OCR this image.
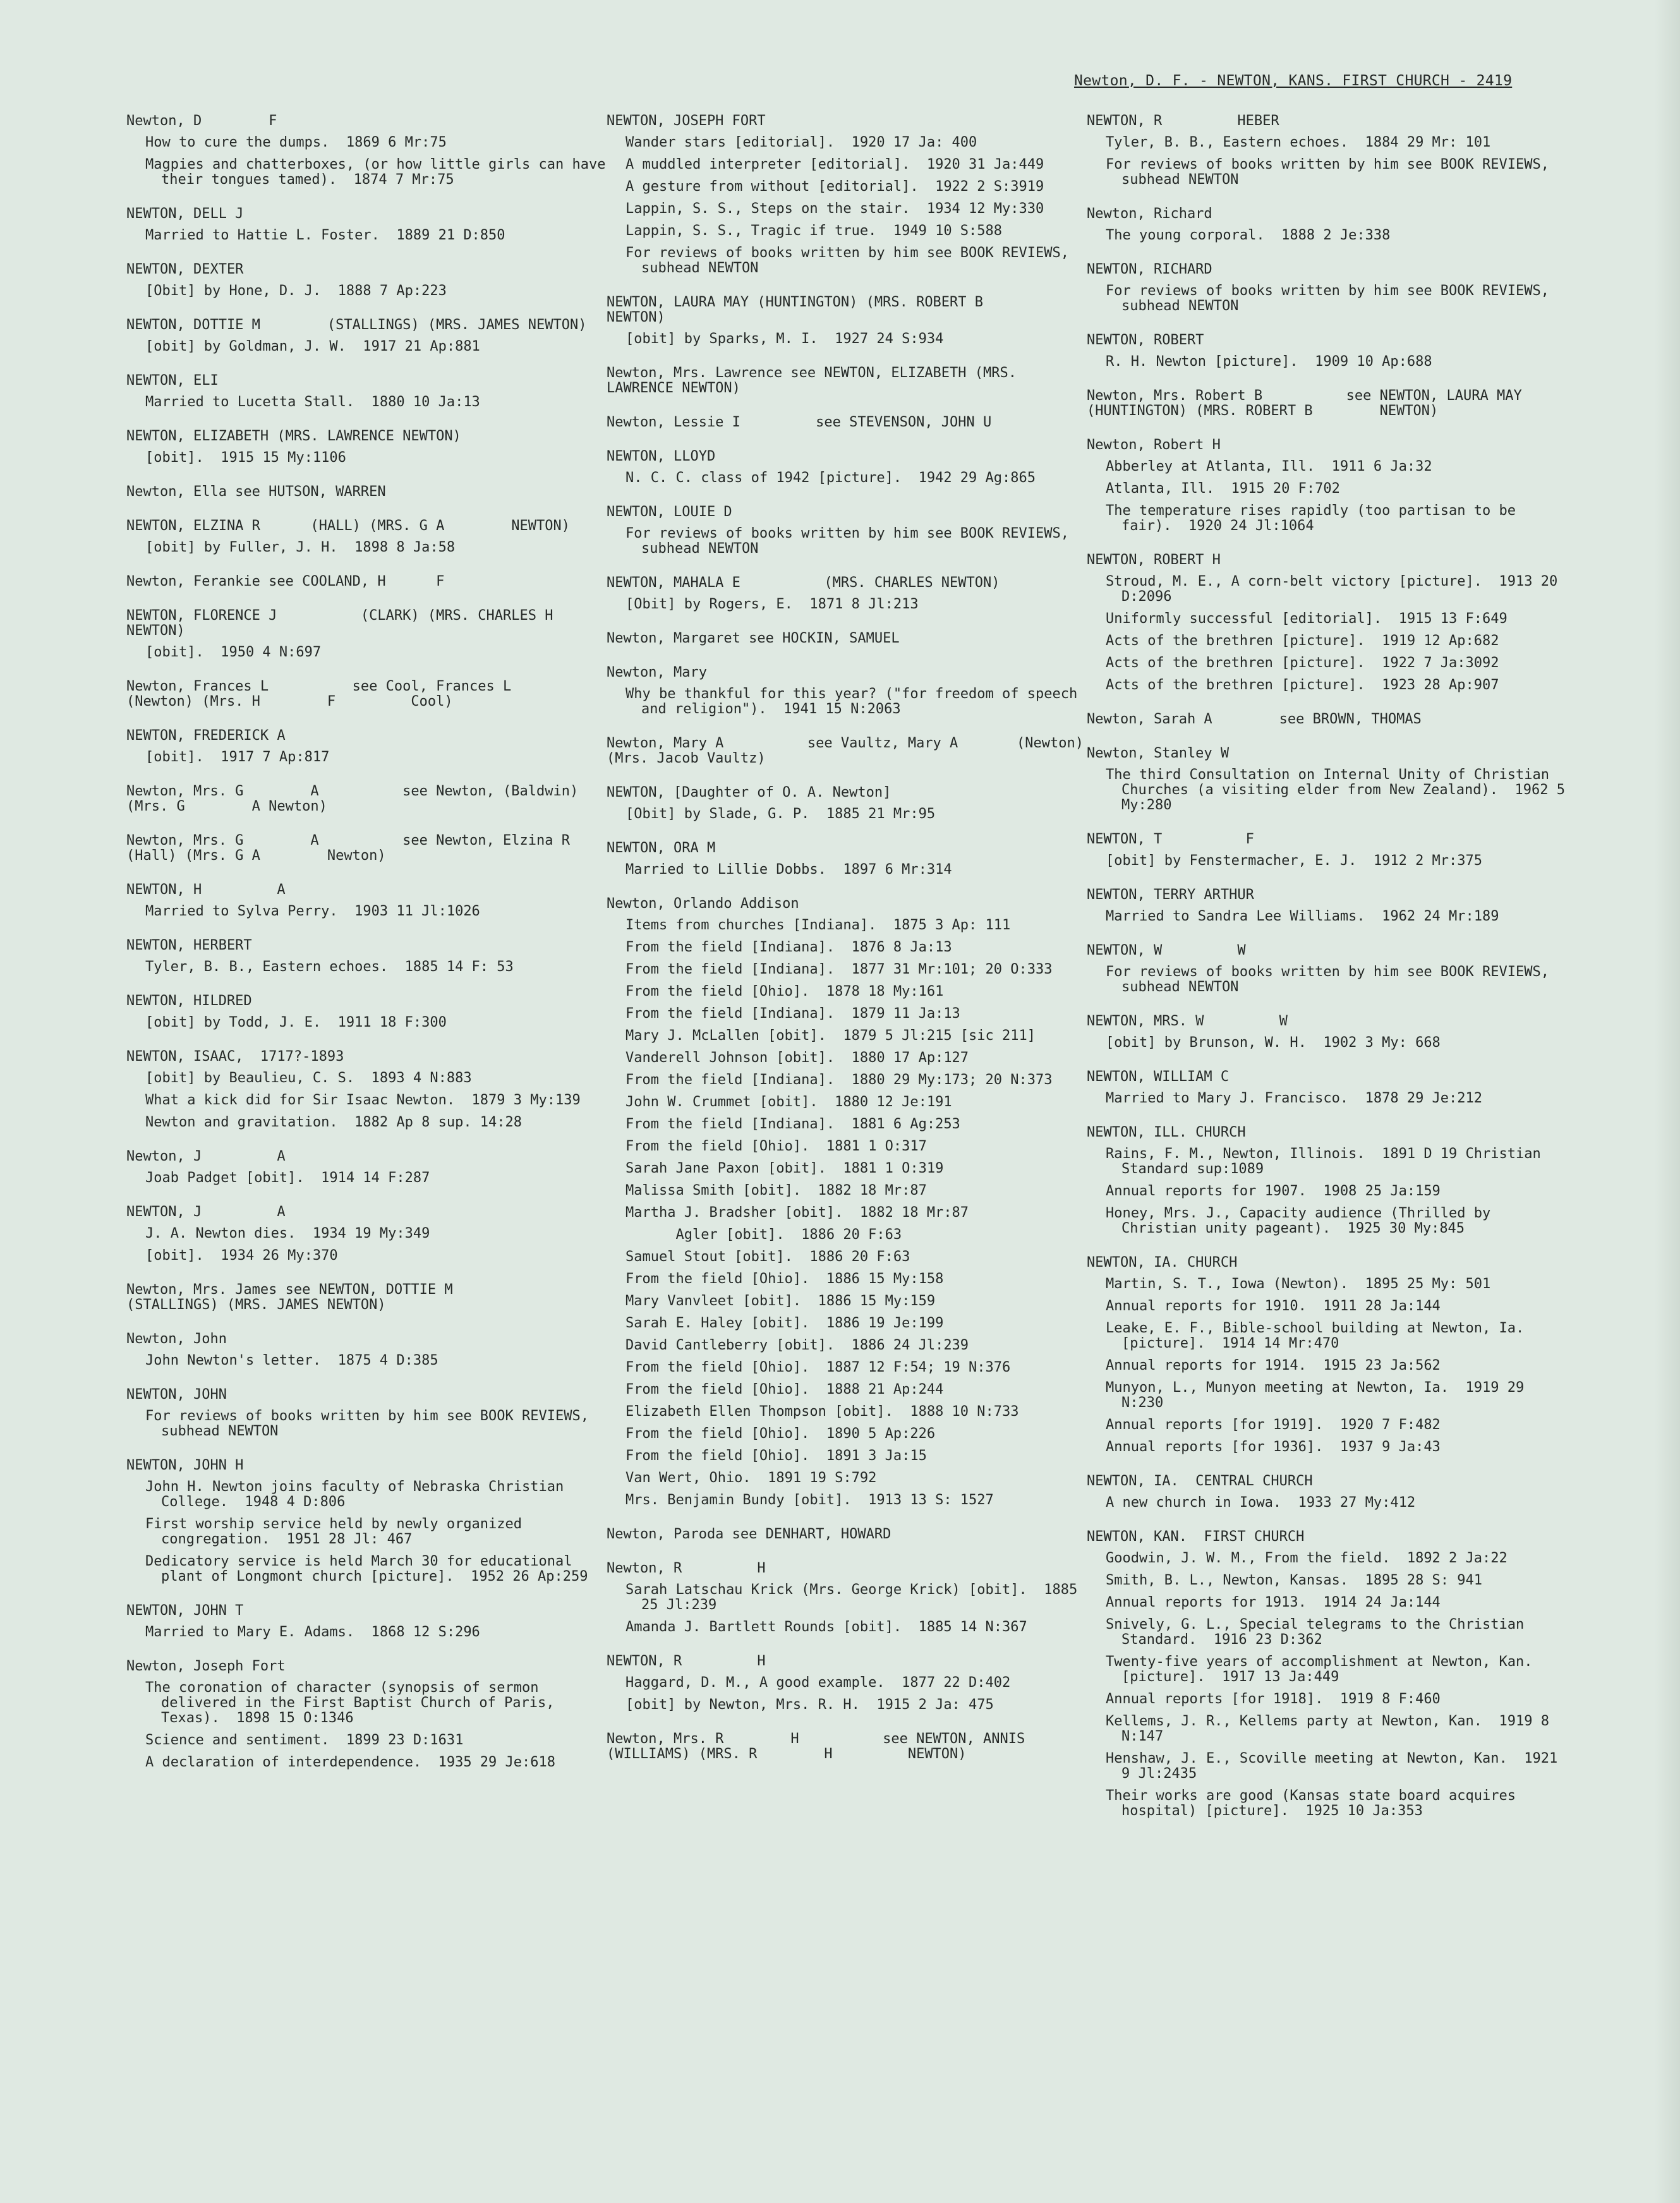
Newton, D. F. - NEWTON, KANS. FIRST CHURCH - 2419
Newton, D        F
How to cure the dumps.  1869 6 Mr:75
Magpies and chatterboxes, (or how little girls can have their tongues tamed).  1874 7 Mr:75
NEWTON, DELL J
Married to Hattie L. Foster.  1889 21 D:850
NEWTON, DEXTER
[Obit] by Hone, D. J.  1888 7 Ap:223
NEWTON, DOTTIE M        (STALLINGS) (MRS. JAMES NEWTON)
[obit] by Goldman, J. W.  1917 21 Ap:881
NEWTON, ELI
Married to Lucetta Stall.  1880 10 Ja:13
NEWTON, ELIZABETH (MRS. LAWRENCE NEWTON)
[obit].  1915 15 My:1106
Newton, Ella see HUTSON, WARREN
NEWTON, ELZINA R      (HALL) (MRS. G A        NEWTON)
[obit] by Fuller, J. H.  1898 8 Ja:58
Newton, Ferankie see COOLAND, H      F
NEWTON, FLORENCE J          (CLARK) (MRS. CHARLES H          NEWTON)
[obit].  1950 4 N:697
Newton, Frances L          see Cool, Frances L       (Newton) (Mrs. H        F         Cool)
NEWTON, FREDERICK A
[obit].  1917 7 Ap:817
Newton, Mrs. G        A          see Newton, (Baldwin) (Mrs. G        A Newton)
Newton, Mrs. G        A          see Newton, Elzina R        (Hall) (Mrs. G A        Newton)
NEWTON, H         A
Married to Sylva Perry.  1903 11 Jl:1026
NEWTON, HERBERT
Tyler, B. B., Eastern echoes.  1885 14 F: 53
NEWTON, HILDRED
[obit] by Todd, J. E.  1911 18 F:300
NEWTON, ISAAC,  1717?-1893
[obit] by Beaulieu, C. S.  1893 4 N:883
What a kick did for Sir Isaac Newton.  1879 3 My:139
Newton and gravitation.  1882 Ap 8 sup. 14:28
Newton, J         A
Joab Padget [obit].  1914 14 F:287
NEWTON, J         A
J. A. Newton dies.  1934 19 My:349
[obit].  1934 26 My:370
Newton, Mrs. James see NEWTON, DOTTIE M        (STALLINGS) (MRS. JAMES NEWTON)
Newton, John
John Newton's letter.  1875 4 D:385
NEWTON, JOHN
For reviews of books written by him see BOOK REVIEWS, subhead NEWTON
NEWTON, JOHN H
John H. Newton joins faculty of Nebraska Christian College.  1948 4 D:806
First worship service held by newly organized congregation.  1951 28 Jl: 467
Dedicatory service is held March 30 for educational plant of Longmont church [picture].  1952 26 Ap:259
NEWTON, JOHN T
Married to Mary E. Adams.  1868 12 S:296
Newton, Joseph Fort
The coronation of character (synopsis of sermon delivered in the First Baptist Church of Paris, Texas).  1898 15 O:1346
Science and sentiment.  1899 23 D:1631
A declaration of interdependence.  1935 29 Je:618
NEWTON, JOSEPH FORT
Wander stars [editorial].  1920 17 Ja: 400
A muddled interpreter [editorial].  1920 31 Ja:449
A gesture from without [editorial].  1922 2 S:3919
Lappin, S. S., Steps on the stair.  1934 12 My:330
Lappin, S. S., Tragic if true.  1949 10 S:588
For reviews of books written by him see BOOK REVIEWS, subhead NEWTON
NEWTON, LAURA MAY (HUNTINGTON) (MRS. ROBERT B        NEWTON)
[obit] by Sparks, M. I.  1927 24 S:934
Newton, Mrs. Lawrence see NEWTON, ELIZABETH (MRS. LAWRENCE NEWTON)
Newton, Lessie I         see STEVENSON, JOHN U
NEWTON, LLOYD
N. C. C. class of 1942 [picture].  1942 29 Ag:865
NEWTON, LOUIE D
For reviews of books written by him see BOOK REVIEWS, subhead NEWTON
NEWTON, MAHALA E          (MRS. CHARLES NEWTON)
[Obit] by Rogers, E.  1871 8 Jl:213
Newton, Margaret see HOCKIN, SAMUEL
Newton, Mary
Why be thankful for this year? ("for freedom of speech and religion").  1941 15 N:2063
Newton, Mary A          see Vaultz, Mary A       (Newton) (Mrs. Jacob Vaultz)
NEWTON, [Daughter of O. A. Newton]
[Obit] by Slade, G. P.  1885 21 Mr:95
NEWTON, ORA M
Married to Lillie Dobbs.  1897 6 Mr:314
Newton, Orlando Addison
Items from churches [Indiana].  1875 3 Ap: 111
From the field [Indiana].  1876 8 Ja:13
From the field [Indiana].  1877 31 Mr:101; 20 O:333
From the field [Ohio].  1878 18 My:161
From the field [Indiana].  1879 11 Ja:13
Mary J. McLallen [obit].  1879 5 Jl:215 [sic 211]
Vanderell Johnson [obit].  1880 17 Ap:127
From the field [Indiana].  1880 29 My:173; 20 N:373
John W. Crummet [obit].  1880 12 Je:191
From the field [Indiana].  1881 6 Ag:253
From the field [Ohio].  1881 1 O:317
Sarah Jane Paxon [obit].  1881 1 O:319
Malissa Smith [obit].  1882 18 Mr:87
Martha J. Bradsher [obit].  1882 18 Mr:87
Agler [obit].  1886 20 F:63
Samuel Stout [obit].  1886 20 F:63
From the field [Ohio].  1886 15 My:158
Mary Vanvleet [obit].  1886 15 My:159
Sarah E. Haley [obit].  1886 19 Je:199
David Cantleberry [obit].  1886 24 Jl:239
From the field [Ohio].  1887 12 F:54; 19 N:376
From the field [Ohio].  1888 21 Ap:244
Elizabeth Ellen Thompson [obit].  1888 10 N:733
From the field [Ohio].  1890 5 Ap:226
From the field [Ohio].  1891 3 Ja:15
Van Wert, Ohio.  1891 19 S:792
Mrs. Benjamin Bundy [obit].  1913 13 S: 1527
Newton, Paroda see DENHART, HOWARD
Newton, R         H
Sarah Latschau Krick (Mrs. George Krick) [obit].  1885 25 Jl:239
Amanda J. Bartlett Rounds [obit].  1885 14 N:367
NEWTON, R         H
Haggard, D. M., A good example.  1877 22 D:402
[obit] by Newton, Mrs. R. H.  1915 2 Ja: 475
Newton, Mrs. R        H          see NEWTON, ANNIS (WILLIAMS) (MRS. R        H         NEWTON)
NEWTON, R         HEBER
Tyler, B. B., Eastern echoes.  1884 29 Mr: 101
For reviews of books written by him see BOOK REVIEWS, subhead NEWTON
Newton, Richard
The young corporal.  1888 2 Je:338
NEWTON, RICHARD
For reviews of books written by him see BOOK REVIEWS, subhead NEWTON
NEWTON, ROBERT
R. H. Newton [picture].  1909 10 Ap:688
Newton, Mrs. Robert B          see NEWTON, LAURA MAY (HUNTINGTON) (MRS. ROBERT B        NEWTON)
Newton, Robert H
Abberley at Atlanta, Ill.  1911 6 Ja:32
Atlanta, Ill.  1915 20 F:702
The temperature rises rapidly (too partisan to be fair).  1920 24 Jl:1064
NEWTON, ROBERT H
Stroud, M. E., A corn-belt victory [picture].  1913 20 D:2096
Uniformly successful [editorial].  1915 13 F:649
Acts of the brethren [picture].  1919 12 Ap:682
Acts of the brethren [picture].  1922 7 Ja:3092
Acts of the brethren [picture].  1923 28 Ap:907
Newton, Sarah A        see BROWN, THOMAS
Newton, Stanley W
The third Consultation on Internal Unity of Christian Churches (a visiting elder from New Zealand).  1962 5 My:280
NEWTON, T          F
[obit] by Fenstermacher, E. J.  1912 2 Mr:375
NEWTON, TERRY ARTHUR
Married to Sandra Lee Williams.  1962 24 Mr:189
NEWTON, W         W
For reviews of books written by him see BOOK REVIEWS, subhead NEWTON
NEWTON, MRS. W         W
[obit] by Brunson, W. H.  1902 3 My: 668
NEWTON, WILLIAM C
Married to Mary J. Francisco.  1878 29 Je:212
NEWTON, ILL. CHURCH
Rains, F. M., Newton, Illinois.  1891 D 19 Christian Standard sup:1089
Annual reports for 1907.  1908 25 Ja:159
Honey, Mrs. J., Capacity audience (Thrilled by Christian unity pageant).  1925 30 My:845
NEWTON, IA. CHURCH
Martin, S. T., Iowa (Newton).  1895 25 My: 501
Annual reports for 1910.  1911 28 Ja:144
Leake, E. F., Bible-school building at Newton, Ia. [picture].  1914 14 Mr:470
Annual reports for 1914.  1915 23 Ja:562
Munyon, L., Munyon meeting at Newton, Ia.  1919 29 N:230
Annual reports [for 1919].  1920 7 F:482
Annual reports [for 1936].  1937 9 Ja:43
NEWTON, IA.  CENTRAL CHURCH
A new church in Iowa.  1933 27 My:412
NEWTON, KAN.  FIRST CHURCH
Goodwin, J. W. M., From the field.  1892 2 Ja:22
Smith, B. L., Newton, Kansas.  1895 28 S: 941
Annual reports for 1913.  1914 24 Ja:144
Snively, G. L., Special telegrams to the Christian Standard.  1916 23 D:362
Twenty-five years of accomplishment at Newton, Kan. [picture].  1917 13 Ja:449
Annual reports [for 1918].  1919 8 F:460
Kellems, J. R., Kellems party at Newton, Kan.  1919 8 N:147
Henshaw, J. E., Scoville meeting at Newton, Kan.  1921 9 Jl:2435
Their works are good (Kansas state board acquires hospital) [picture].  1925 10 Ja:353
